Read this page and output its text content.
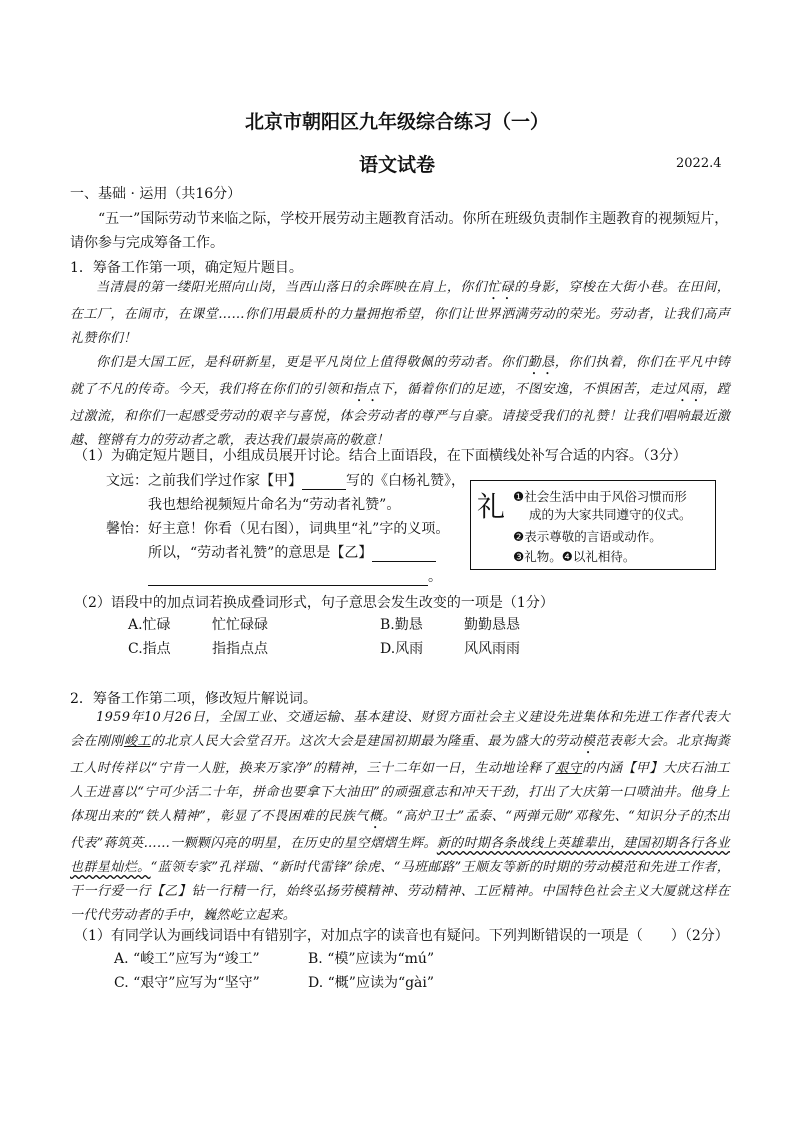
北京市朝阳区九年级综合练习（一）
语文试卷	2022.4
一、基础 · 运用（共16分）
“五一”国际劳动节来临之际，学校开展劳动主题教育活动。你所在班级负责制作主题教育的视频短片，
请你参与完成筹备工作。
1．筹备工作第一项，确定短片题目。

当清晨的第一缕阳光照向山岗，当西山落日的余晖映在肩上，你们忙碌的身影，穿梭在大街小巷。在田间，在工厂，在闹市，在课堂……你们用最质朴的力量拥抱希望，你们让世界洒满劳动的荣光。劳动者，让我们高声礼赞你们！

你们是大国工匠，是科研新星，更是平凡岗位上值得敬佩的劳动者。你们勤恳，你们执着，你们在平凡中铸就了不凡的传奇。今天，我们将在你们的引领和指点下，循着你们的足迹，不图安逸，不惧困苦，走过风雨，蹚过激流，和你们一起感受劳动的艰辛与喜悦，体会劳动者的尊严与自豪。请接受我们的礼赞！让我们唱响最近激越、铿锵有力的劳动者之歌，表达我们最崇高的敬意！

（1）为确定短片题目，小组成员展开讨论。结合上面语段，在下面横线处补写合适的内容。（3分）
文远：之前我们学过作家【甲】	写的《白杨礼赞》，
我也想给视频短片命名为“劳动者礼赞”。
馨怡：好主意！你看（见右图），词典里“礼”字的义项。
所以，“劳动者礼赞”的意思是【乙】
。
礼 ❶社会生活中由于风俗习惯而形
成的为大家共同遵守的仪式。
❷表示尊敬的言语或动作。
❸礼物。❹以礼相待。
（2）语段中的加点词若换成叠词形式，句子意思会发生改变的一项是（1分）
A.忙碌	忙忙碌碌	B.勤恳	勤勤恳恳
C.指点	指指点点	D.风雨	风风雨雨
2．筹备工作第二项，修改短片解说词。

1959年10月26日，全国工业、交通运输、基本建设、财贸方面社会主义建设先进集体和先进工作者代表大会在刚刚峻工的北京人民大会堂召开。这次大会是建国初期最为隆重、最为盛大的劳动模范表彰大会。北京掏粪工人时传祥以“宁肯一人脏，换来万家净”的精神，三十二年如一日，生动地诠释了艰守的内涵【甲】大庆石油工人王进喜以“宁可少活二十年，拼命也要拿下大油田”的顽强意志和冲天干劲，打出了大庆第一口喷油井。他身上体现出来的“铁人精神”，彰显了不畏困难的民族气概。“高炉卫士”孟泰、“两弹元勋”邓稼先、“知识分子的杰出代表”蒋筑英……一颗颗闪亮的明星，在历史的星空熠熠生辉。新的时期各条战线上英雄辈出，建国初期各行各业也群星灿烂。“蓝领专家”孔祥瑞、“新时代雷锋”徐虎、“马班邮路”王顺友等新的时期的劳动模范和先进工作者，干一行爱一行【乙】钻一行精一行，始终弘扬劳模精神、劳动精神、工匠精神。中国特色社会主义大厦就这样在一代代劳动者的手中，巍然屹立起来。

（1）有同学认为画线词语中有错别字，对加点字的读音也有疑问。下列判断错误的一项是（　　）（2分）
A. “峻工”应写为“竣工”	B. “模”应读为“mú”
C. “艰守”应写为“坚守”	D. “概”应读为“gài”
